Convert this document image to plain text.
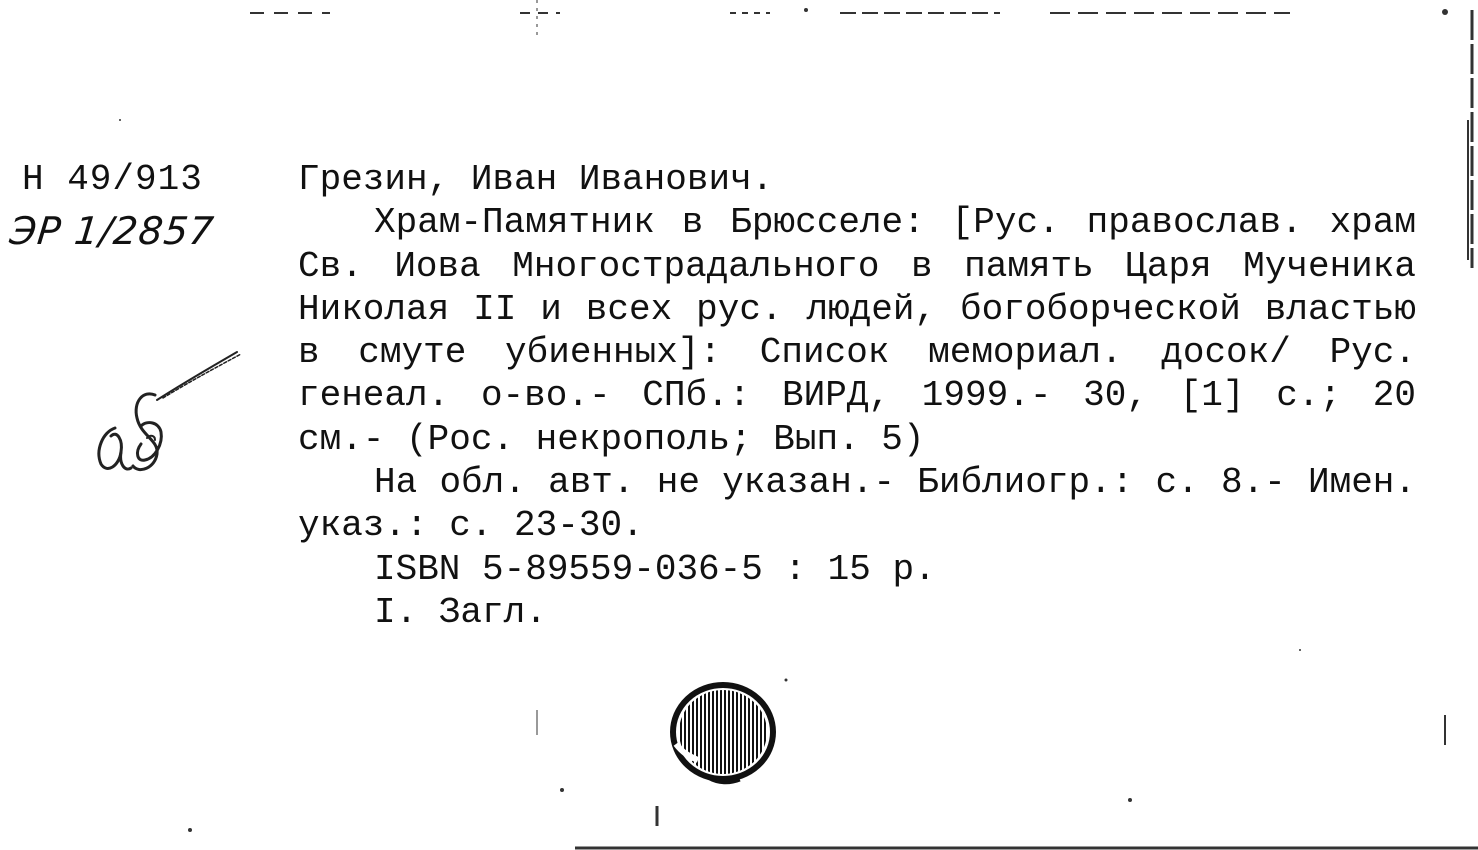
Н 49/913
ЭР 1/2857

Грезин, Иван Иванович.

Храм-Памятник в Брюсселе: [Рус. православ. храм Св. Иова Многострадального в память Царя Мученика Николая II и всех рус. людей, богоборческой властью в смуте убиенных]: Список мемориал. досок/ Рус. генеал. о-во.- СПб.: ВИРД, 1999.- 30, [1] с.; 20 см.- (Рос. некрополь; Вып. 5)

На обл. авт. не указан.- Библиогр.: с. 8.- Имен. указ.: с. 23-30.

ISBN 5-89559-036-5 : 15 р.

I. Загл.
